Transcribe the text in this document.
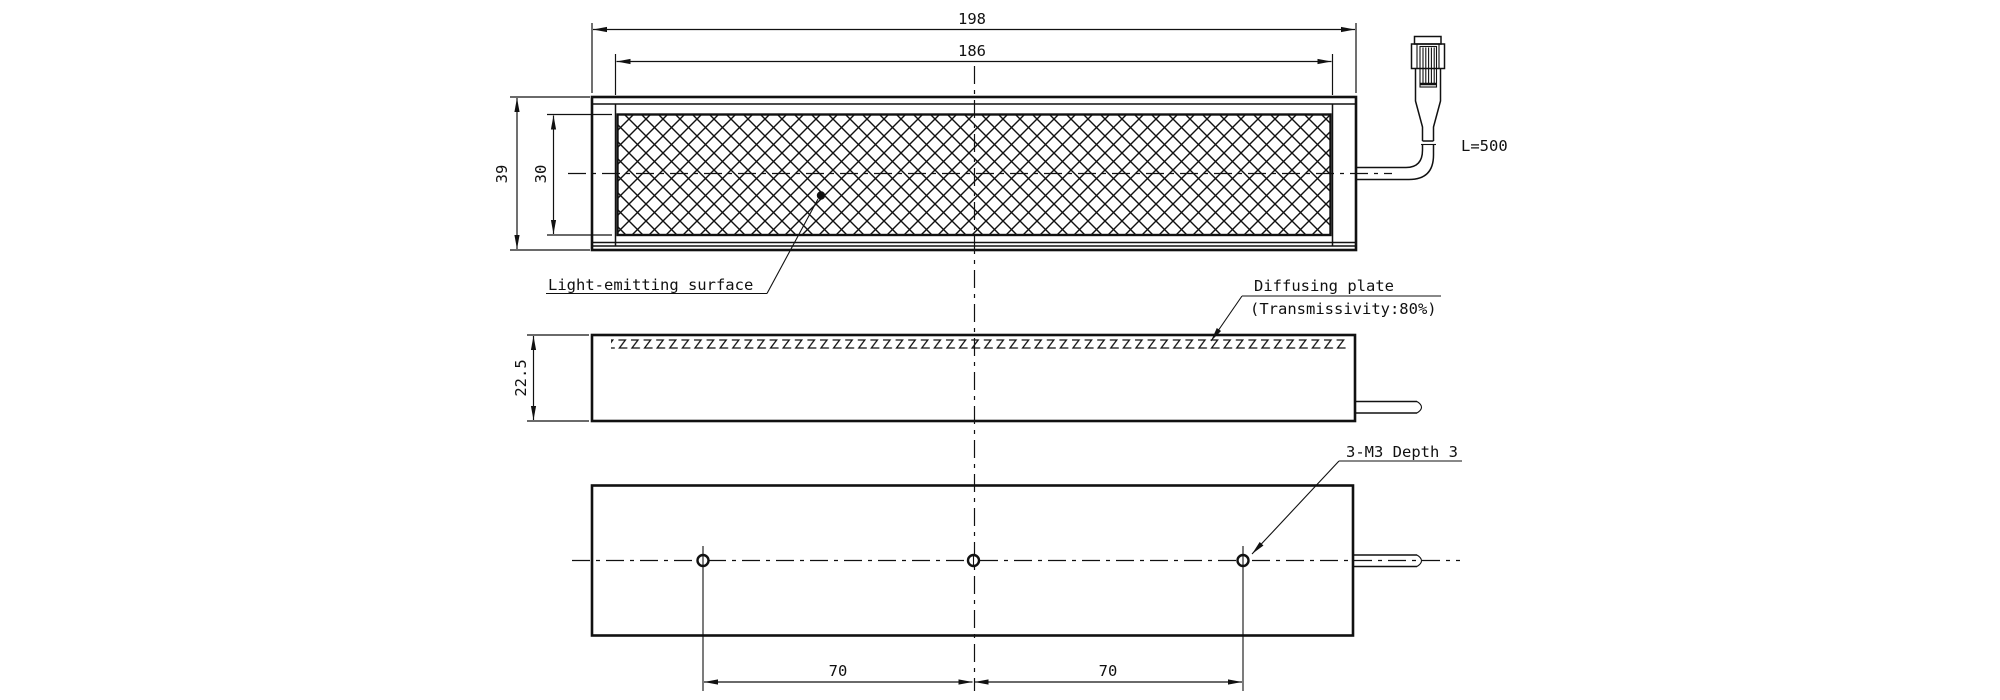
L=500
198
186
39 30
Light-emitting surface
22.5
Diffusing plate
(Transmissivity:80%)
3-M3 Depth 3
70	70
